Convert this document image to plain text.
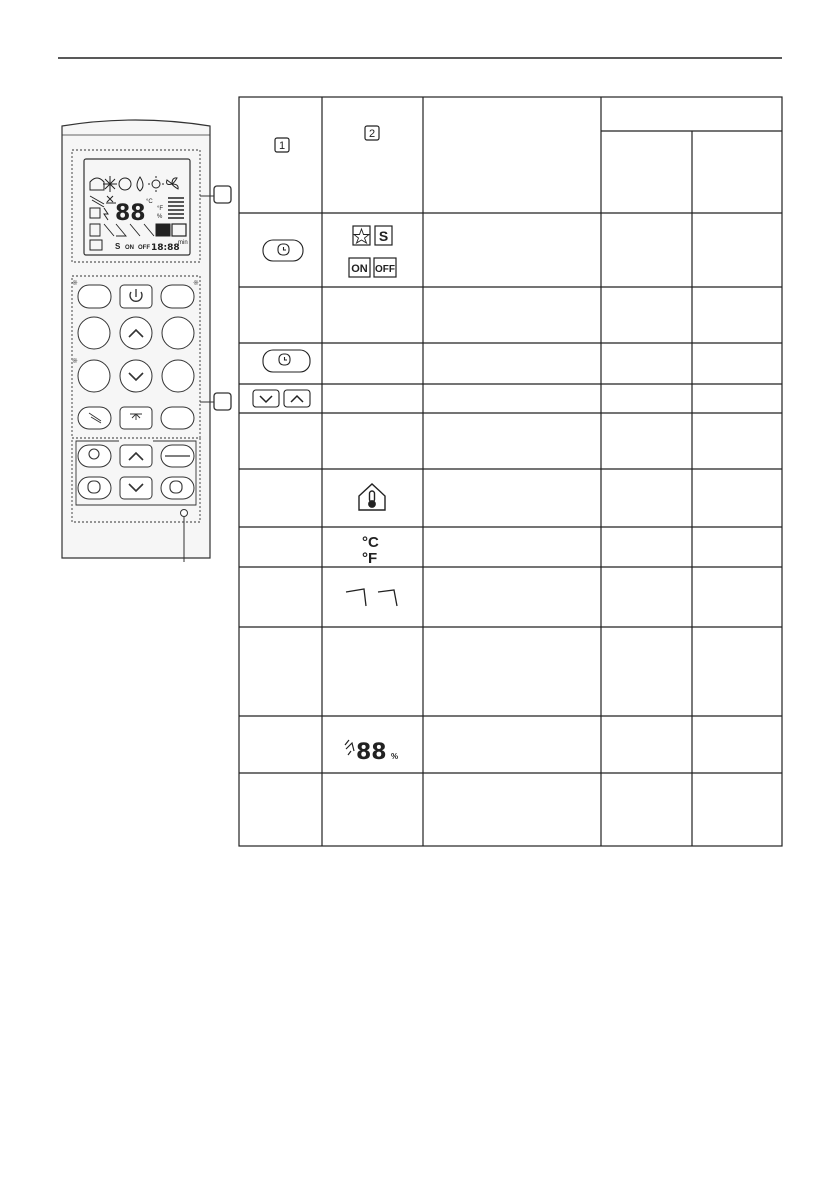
88 °C
°F
%
S ON OFF 18:88
min
※	※
※
1
2
S
ON OFF
°C
°F
88 %
